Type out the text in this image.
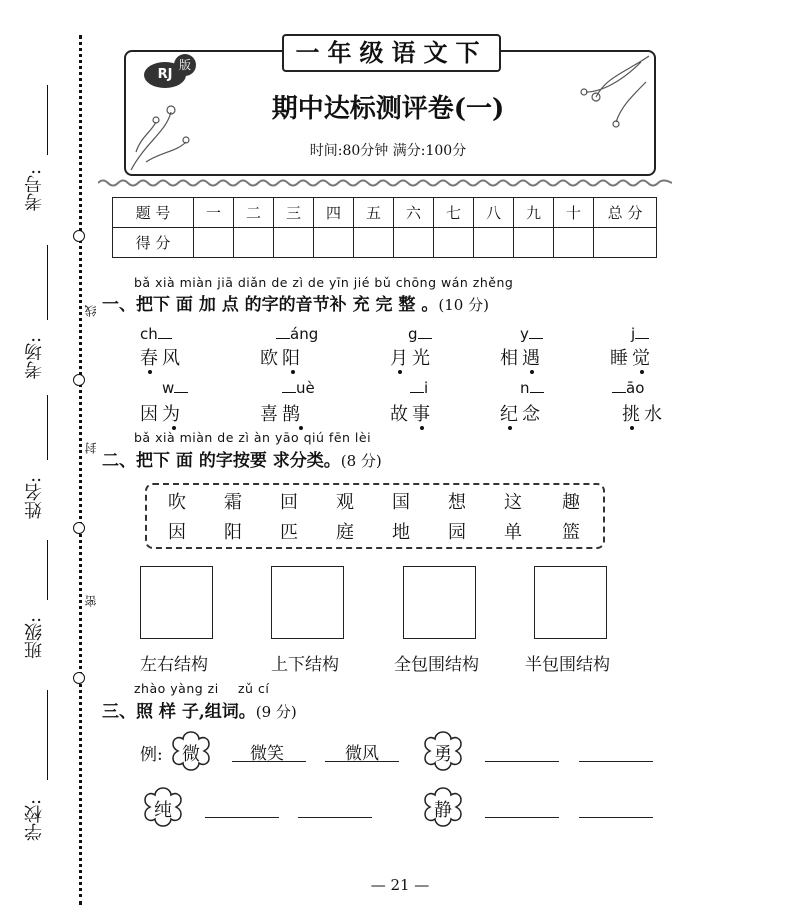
考号:
考场:
姓名:
班级:
学校:
线
封
密
一年级语文下
RJ
版
期中达标测评卷(一)
时间:80分钟 满分:100分
题 号	一	二	三	四	五	六	七	八	九	十	总 分
得 分											
bǎ xià miàn jiā diǎn de zì de yīn jié bǔ chōng wán zhěng
一、把下 面 加 点 的字的音节补 充 完 整 。(10 分)
ch	áng	g	y	j
春风	欧阳	月光	相遇	睡觉
w	uè	i	n	āo
因为	喜鹊	故事	纪念	挑水
bǎ xià miàn de zì àn yāo qiú fēn lèi
二、把下 面 的字按要 求分类。(8 分)
吹	霜	回	观	国	想	这	趣
因	阳	匹	庭	地	园	单	篮
左右结构	上下结构	全包围结构	半包围结构
zhào yàng zi zǔ cí
三、照 样 子,组词。(9 分)
例:	微	微笑	微风	勇
纯	静
— 21 —
